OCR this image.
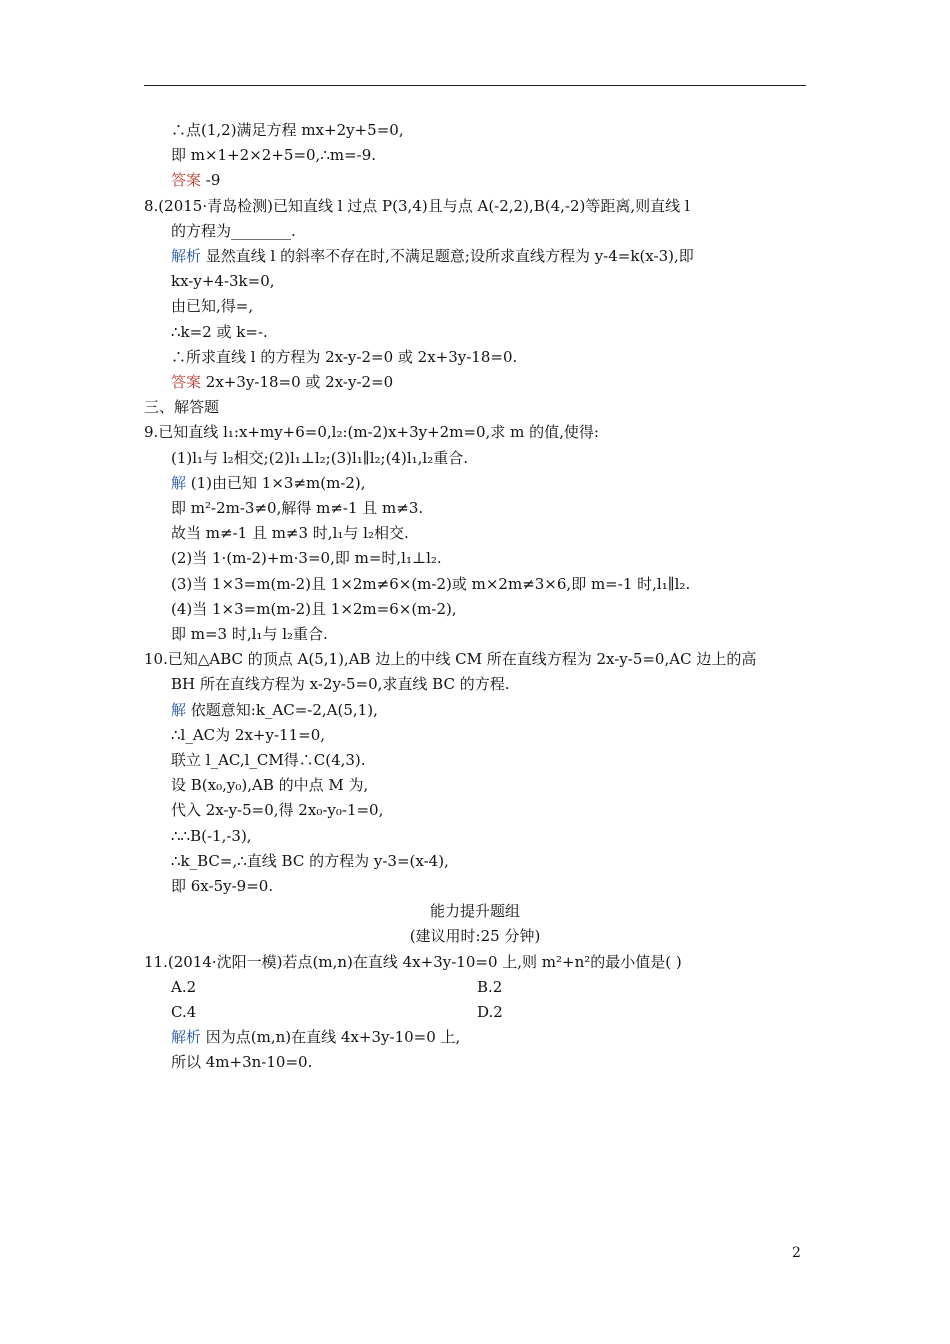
∴点(1,2)满足方程 mx+2y+5=0,
即 m×1+2×2+5=0,∴m=-9.
答案 -9
8.(2015·青岛检测)已知直线 l 过点 P(3,4)且与点 A(-2,2),B(4,-2)等距离,则直线 l
的方程为________.
解析 显然直线 l 的斜率不存在时,不满足题意;设所求直线方程为 y-4=k(x-3),即
kx-y+4-3k=0,
由已知,得=,
∴k=2 或 k=-.
∴所求直线 l 的方程为 2x-y-2=0 或 2x+3y-18=0.
答案 2x+3y-18=0 或 2x-y-2=0
三、解答题
9.已知直线 l₁:x+my+6=0,l₂:(m-2)x+3y+2m=0,求 m 的值,使得:
(1)l₁与 l₂相交;(2)l₁⊥l₂;(3)l₁∥l₂;(4)l₁,l₂重合.
解 (1)由已知 1×3≠m(m-2),
即 m²-2m-3≠0,解得 m≠-1 且 m≠3.
故当 m≠-1 且 m≠3 时,l₁与 l₂相交.
(2)当 1·(m-2)+m·3=0,即 m=时,l₁⊥l₂.
(3)当 1×3=m(m-2)且 1×2m≠6×(m-2)或 m×2m≠3×6,即 m=-1 时,l₁∥l₂.
(4)当 1×3=m(m-2)且 1×2m=6×(m-2),
即 m=3 时,l₁与 l₂重合.
10.已知△ABC 的顶点 A(5,1),AB 边上的中线 CM 所在直线方程为 2x-y-5=0,AC 边上的高
BH 所在直线方程为 x-2y-5=0,求直线 BC 的方程.
解 依题意知:k_AC=-2,A(5,1),
∴l_AC为 2x+y-11=0,
联立 l_AC,l_CM得∴C(4,3).
设 B(x₀,y₀),AB 的中点 M 为,
代入 2x-y-5=0,得 2x₀-y₀-1=0,
∴∴B(-1,-3),
∴k_BC=,∴直线 BC 的方程为 y-3=(x-4),
即 6x-5y-9=0.
能力提升题组
(建议用时:25 分钟)
11.(2014·沈阳一模)若点(m,n)在直线 4x+3y-10=0 上,则 m²+n²的最小值是( )
A.2	B.2
C.4	D.2
解析 因为点(m,n)在直线 4x+3y-10=0 上,
所以 4m+3n-10=0.
2
